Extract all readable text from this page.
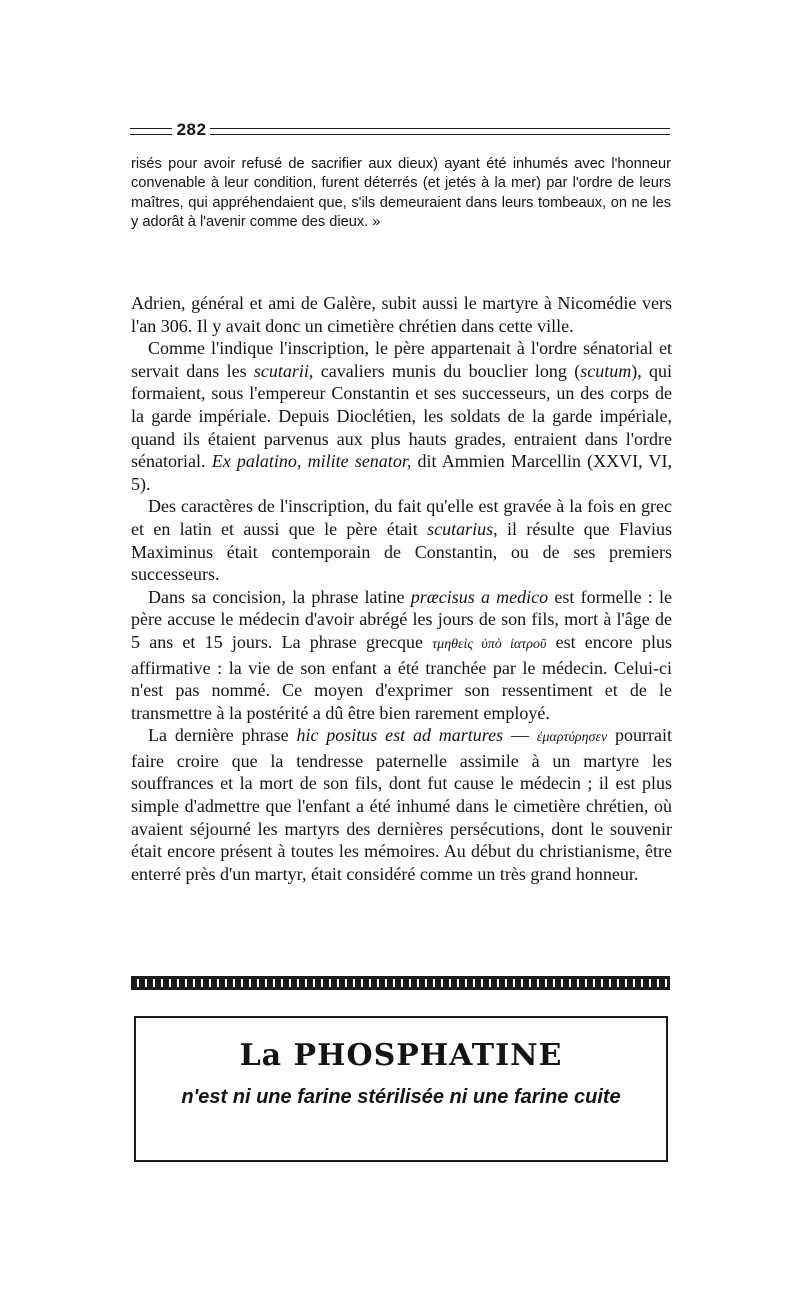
282

risés pour avoir refusé de sacrifier aux dieux) ayant été inhumés avec l'honneur convenable à leur condition, furent déterrés (et jetés à la mer) par l'ordre de leurs maîtres, qui appréhendaient que, s'ils demeuraient dans leurs tombeaux, on ne les y adorât à l'avenir comme des dieux. »

Adrien, général et ami de Galère, subit aussi le martyre à Nicomédie vers l'an 306. Il y avait donc un cimetière chrétien dans cette ville.

Comme l'indique l'inscription, le père appartenait à l'ordre sénatorial et servait dans les scutarii, cavaliers munis du bouclier long (scutum), qui formaient, sous l'empereur Constantin et ses successeurs, un des corps de la garde impériale. Depuis Dioclétien, les soldats de la garde impériale, quand ils étaient parvenus aux plus hauts grades, entraient dans l'ordre sénatorial. Ex palatino, milite senator, dit Ammien Marcellin (XXVI, VI, 5).

Des caractères de l'inscription, du fait qu'elle est gravée à la fois en grec et en latin et aussi que le père était scutarius, il résulte que Flavius Maximinus était contemporain de Constantin, ou de ses premiers successeurs.

Dans sa concision, la phrase latine præcisus a medico est formelle : le père accuse le médecin d'avoir abrégé les jours de son fils, mort à l'âge de 5 ans et 15 jours. La phrase grecque τμηθεὶς ὑπὸ ἰατροῦ est encore plus affirmative : la vie de son enfant a été tranchée par le médecin. Celui-ci n'est pas nommé. Ce moyen d'exprimer son ressentiment et de le transmettre à la postérité a dû être bien rarement employé.

La dernière phrase hic positus est ad martures — ἐμαρτύρησεν pourrait faire croire que la tendresse paternelle assimile à un martyre les souffrances et la mort de son fils, dont fut cause le médecin ; il est plus simple d'admettre que l'enfant a été inhumé dans le cimetière chrétien, où avaient séjourné les martyrs des dernières persécutions, dont le souvenir était encore présent à toutes les mémoires. Au début du christianisme, être enterré près d'un martyr, était considéré comme un très grand honneur.

La PHOSPHATINE
n'est ni une farine stérilisée ni une farine cuite
